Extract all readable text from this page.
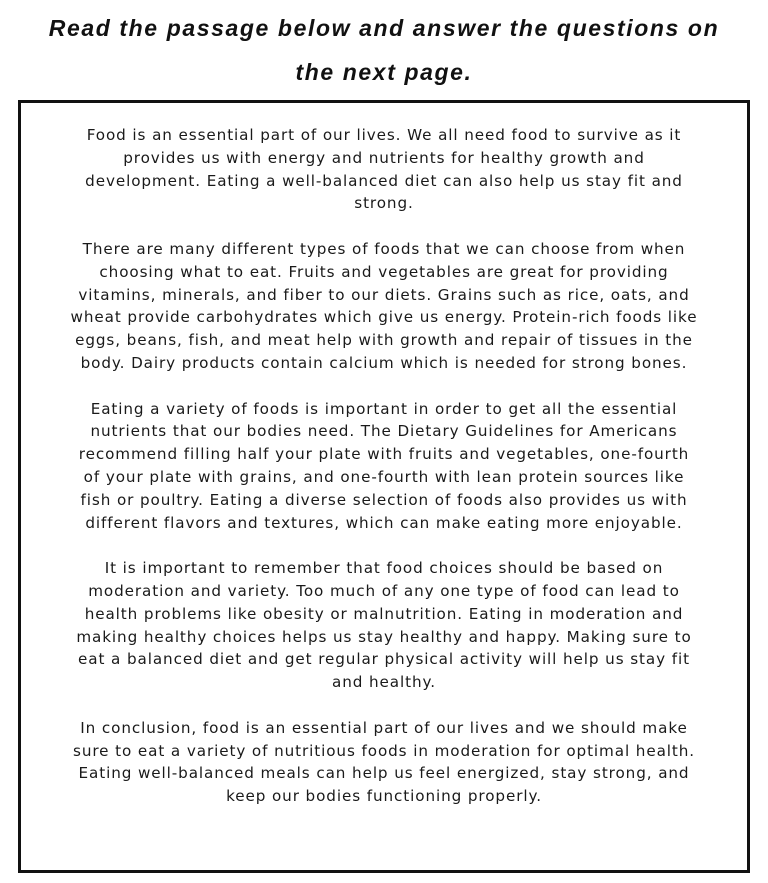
Read the passage below and answer the questions on
the next page.

Food is an essential part of our lives. We all need food to survive as it
provides us with energy and nutrients for healthy growth and
development. Eating a well-balanced diet can also help us stay fit and
strong.

There are many different types of foods that we can choose from when
choosing what to eat. Fruits and vegetables are great for providing
vitamins, minerals, and fiber to our diets. Grains such as rice, oats, and
wheat provide carbohydrates which give us energy. Protein-rich foods like
eggs, beans, fish, and meat help with growth and repair of tissues in the
body. Dairy products contain calcium which is needed for strong bones.

Eating a variety of foods is important in order to get all the essential
nutrients that our bodies need. The Dietary Guidelines for Americans
recommend filling half your plate with fruits and vegetables, one-fourth
of your plate with grains, and one-fourth with lean protein sources like
fish or poultry. Eating a diverse selection of foods also provides us with
different flavors and textures, which can make eating more enjoyable.

It is important to remember that food choices should be based on
moderation and variety. Too much of any one type of food can lead to
health problems like obesity or malnutrition. Eating in moderation and
making healthy choices helps us stay healthy and happy. Making sure to
eat a balanced diet and get regular physical activity will help us stay fit
and healthy.

In conclusion, food is an essential part of our lives and we should make
sure to eat a variety of nutritious foods in moderation for optimal health.
Eating well-balanced meals can help us feel energized, stay strong, and
keep our bodies functioning properly.
